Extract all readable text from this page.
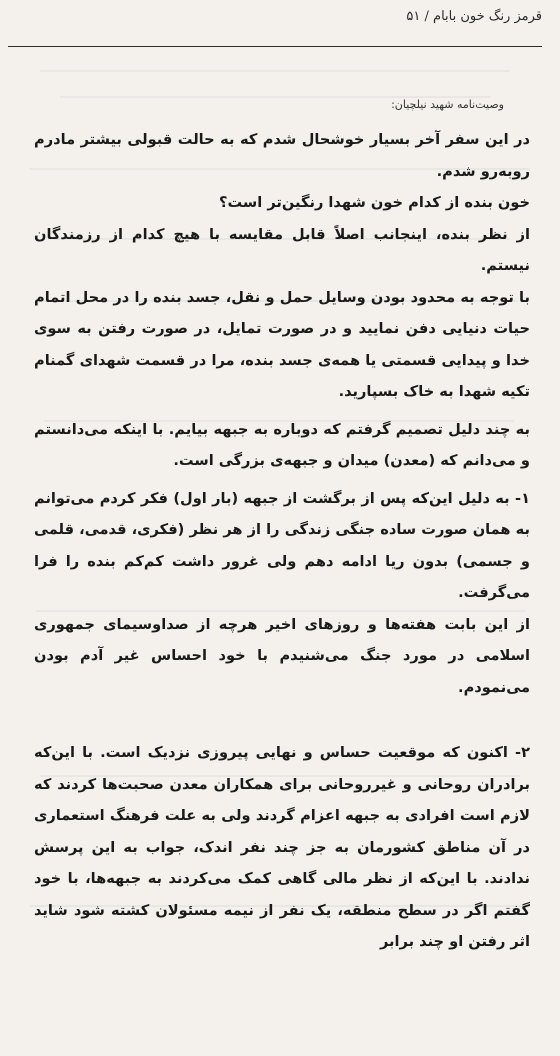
قرمز رنگ خون بابام / ۵۱
وصیت‌نامه شهید نیلچیان:

در این سفر آخر بسیار خوشحال شدم که به حالت قبولی بیشتر مادرم روبه‌رو شدم.

خون بنده از کدام خون شهدا رنگین‌تر است؟

از نظر بنده، اینجانب اصلاً قابل مقایسه با هیچ کدام از رزمندگان نیستم.

با توجه به محدود بودن وسایل حمل و نقل، جسد بنده را در محل اتمام حیات دنیایی دفن نمایید و در صورت تمایل، در صورت رفتن به سوی خدا و پیدایی قسمتی یا همه‌ی جسد بنده، مرا در قسمت شهدای گمنام تکیه شهدا به خاک بسپارید.

به چند دلیل تصمیم گرفتم که دوباره به جبهه بیایم. با اینکه می‌دانستم و می‌دانم که (معدن) میدان و جبهه‌ی بزرگی است.

۱- به دلیل این‌که پس از برگشت از جبهه (بار اول) فکر کردم می‌توانم به همان صورت ساده جنگی زندگی را از هر نظر (فکری، قدمی، قلمی و جسمی) بدون ریا ادامه دهم ولی غرور داشت کم‌کم بنده را فرا می‌گرفت.

از این بابت هفته‌ها و روزهای اخیر هرچه از صداوسیمای جمهوری اسلامی در مورد جنگ می‌شنیدم با خود احساس غیر آدم بودن می‌نمودم.

۲- اکنون که موقعیت حساس و نهایی پیروزی نزدیک است. با این‌که برادران روحانی و غیرروحانی برای همکاران معدن صحبت‌ها کردند که لازم است افرادی به جبهه اعزام گردند ولی به علت فرهنگ استعماری در آن مناطق کشورمان به جز چند نفر اندک، جواب به این پرسش ندادند. با این‌که از نظر مالی گاهی کمک می‌کردند به جبهه‌ها، با خود گفتم اگر در سطح منطقه، یک نفر از نیمه مسئولان کشته شود شاید اثر رفتن او چند برابر
